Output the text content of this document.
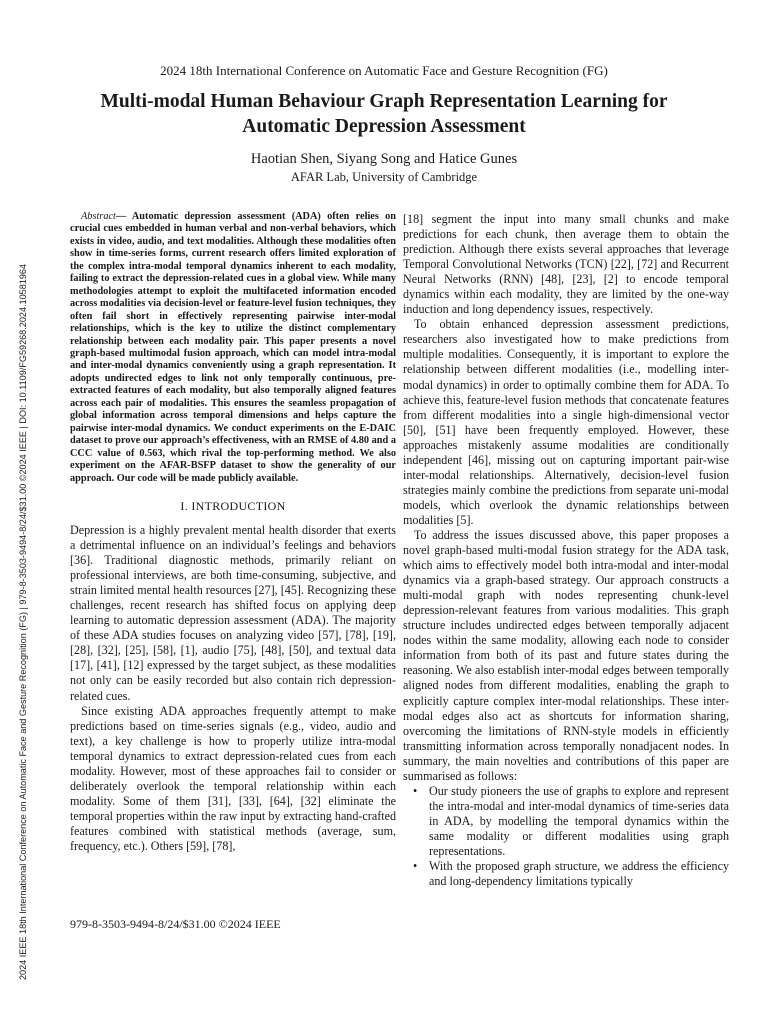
2024 18th International Conference on Automatic Face and Gesture Recognition (FG)
Multi-modal Human Behaviour Graph Representation Learning for Automatic Depression Assessment
Haotian Shen, Siyang Song and Hatice Gunes
AFAR Lab, University of Cambridge

Abstract— Automatic depression assessment (ADA) often relies on crucial cues embedded in human verbal and non-verbal behaviors, which exists in video, audio, and text modalities. Although these modalities often show in time-series forms, current research offers limited exploration of the complex intra-modal temporal dynamics inherent to each modality, failing to extract the depression-related cues in a global view. While many methodologies attempt to exploit the multifaceted information encoded across modalities via decision-level or feature-level fusion techniques, they often fail short in effectively representing pairwise inter-modal relationships, which is the key to utilize the distinct complementary relationship between each modality pair. This paper presents a novel graph-based multimodal fusion approach, which can model intra-modal and inter-modal dynamics conveniently using a graph representation. It adopts undirected edges to link not only temporally continuous, pre-extracted features of each modality, but also temporally aligned features across each pair of modalities. This ensures the seamless propagation of global information across temporal dimensions and helps capture the pairwise inter-modal dynamics. We conduct experiments on the E-DAIC dataset to prove our approach’s effectiveness, with an RMSE of 4.80 and a CCC value of 0.563, which rival the top-performing method. We also experiment on the AFAR-BSFP dataset to show the generality of our approach. Our code will be made publicly available.

I. INTRODUCTION

Depression is a highly prevalent mental health disorder that exerts a detrimental influence on an individual’s feelings and behaviors [36]. Traditional diagnostic methods, primarily reliant on professional interviews, are both time-consuming, subjective, and strain limited mental health resources [27], [45]. Recognizing these challenges, recent research has shifted focus on applying deep learning to automatic depression assessment (ADA). The majority of these ADA studies focuses on analyzing video [57], [78], [19], [28], [32], [25], [58], [1], audio [75], [48], [50], and textual data [17], [41], [12] expressed by the target subject, as these modalities not only can be easily recorded but also contain rich depression-related cues.

Since existing ADA approaches frequently attempt to make predictions based on time-series signals (e.g., video, audio and text), a key challenge is how to properly utilize intra-modal temporal dynamics to extract depression-related cues from each modality. However, most of these approaches fail to consider or deliberately overlook the temporal relationship within each modality. Some of them [31], [33], [64], [32] eliminate the temporal properties within the raw input by extracting hand-crafted features combined with statistical methods (average, sum, frequency, etc.). Others [59], [78],

[18] segment the input into many small chunks and make predictions for each chunk, then average them to obtain the prediction. Although there exists several approaches that leverage Temporal Convolutional Networks (TCN) [22], [72] and Recurrent Neural Networks (RNN) [48], [23], [2] to encode temporal dynamics within each modality, they are limited by the one-way induction and long dependency issues, respectively.

To obtain enhanced depression assessment predictions, researchers also investigated how to make predictions from multiple modalities. Consequently, it is important to explore the relationship between different modalities (i.e., modelling inter-modal dynamics) in order to optimally combine them for ADA. To achieve this, feature-level fusion methods that concatenate features from different modalities into a single high-dimensional vector [50], [51] have been frequently employed. However, these approaches mistakenly assume modalities are conditionally independent [46], missing out on capturing important pair-wise inter-modal relationships. Alternatively, decision-level fusion strategies mainly combine the predictions from separate uni-modal models, which overlook the dynamic relationships between modalities [5].

To address the issues discussed above, this paper proposes a novel graph-based multi-modal fusion strategy for the ADA task, which aims to effectively model both intra-modal and inter-modal dynamics via a graph-based strategy. Our approach constructs a multi-modal graph with nodes representing chunk-level depression-relevant features from various modalities. This graph structure includes undirected edges between temporally adjacent nodes within the same modality, allowing each node to consider information from both of its past and future states during the reasoning. We also establish inter-modal edges between temporally aligned nodes from different modalities, enabling the graph to explicitly capture complex inter-modal relationships. These inter-modal edges also act as shortcuts for information sharing, overcoming the limitations of RNN-style models in efficiently transmitting information across temporally nonadjacent nodes. In summary, the main novelties and contributions of this paper are summarised as follows:

• Our study pioneers the use of graphs to explore and represent the intra-modal and inter-modal dynamics of time-series data in ADA, by modelling the temporal dynamics within the same modality or different modalities using graph representations.
• With the proposed graph structure, we address the efficiency and long-dependency limitations typically
979-8-3503-9494-8/24/$31.00 ©2024 IEEE
2024 IEEE 18th International Conference on Automatic Face and Gesture Recognition (FG) | 979-8-3503-9494-8/24/$31.00 ©2024 IEEE | DOI: 10.1109/FG59268.2024.10581964
